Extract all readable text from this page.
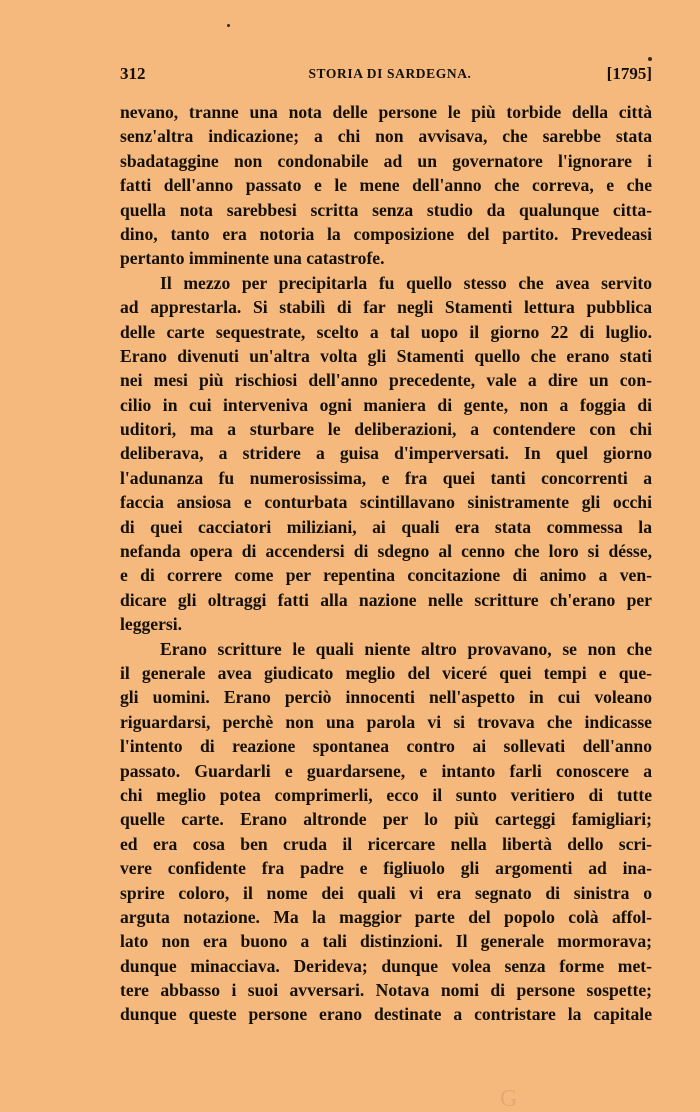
312	STORIA DI SARDEGNA.	[1795]
nevano, tranne una nota delle persone le più torbide della città
senz'altra indicazione; a chi non avvisava, che sarebbe stata
sbadataggine non condonabile ad un governatore l'ignorare i
fatti dell'anno passato e le mene dell'anno che correva, e che
quella nota sarebbesi scritta senza studio da qualunque citta-
dino, tanto era notoria la composizione del partito. Prevedeasi
pertanto imminente una catastrofe.
Il mezzo per precipitarla fu quello stesso che avea servito
ad apprestarla. Si stabilì di far negli Stamenti lettura pubblica
delle carte sequestrate, scelto a tal uopo il giorno 22 di luglio.
Erano divenuti un'altra volta gli Stamenti quello che erano stati
nei mesi più rischiosi dell'anno precedente, vale a dire un con-
cilio in cui interveniva ogni maniera di gente, non a foggia di
uditori, ma a sturbare le deliberazioni, a contendere con chi
deliberava, a stridere a guisa d'imperversati. In quel giorno
l'adunanza fu numerosissima, e fra quei tanti concorrenti a
faccia ansiosa e conturbata scintillavano sinistramente gli occhi
di quei cacciatori miliziani, ai quali era stata commessa la
nefanda opera di accendersi di sdegno al cenno che loro si désse,
e di correre come per repentina concitazione di animo a ven-
dicare gli oltraggi fatti alla nazione nelle scritture ch'erano per
leggersi.
Erano scritture le quali niente altro provavano, se non che
il generale avea giudicato meglio del viceré quei tempi e que-
gli uomini. Erano perciò innocenti nell'aspetto in cui voleano
riguardarsi, perchè non una parola vi si trovava che indicasse
l'intento di reazione spontanea contro ai sollevati dell'anno
passato. Guardarli e guardarsene, e intanto farli conoscere a
chi meglio potea comprimerli, ecco il sunto veritiero di tutte
quelle carte. Erano altronde per lo più carteggi famigliari;
ed era cosa ben cruda il ricercare nella libertà dello scri-
vere confidente fra padre e figliuolo gli argomenti ad ina-
sprire coloro, il nome dei quali vi era segnato di sinistra o
arguta notazione. Ma la maggior parte del popolo colà affol-
lato non era buono a tali distinzioni. Il generale mormorava;
dunque minacciava. Derideva; dunque volea senza forme met-
tere abbasso i suoi avversari. Notava nomi di persone sospette;
dunque queste persone erano destinate a contristare la capitale
G
